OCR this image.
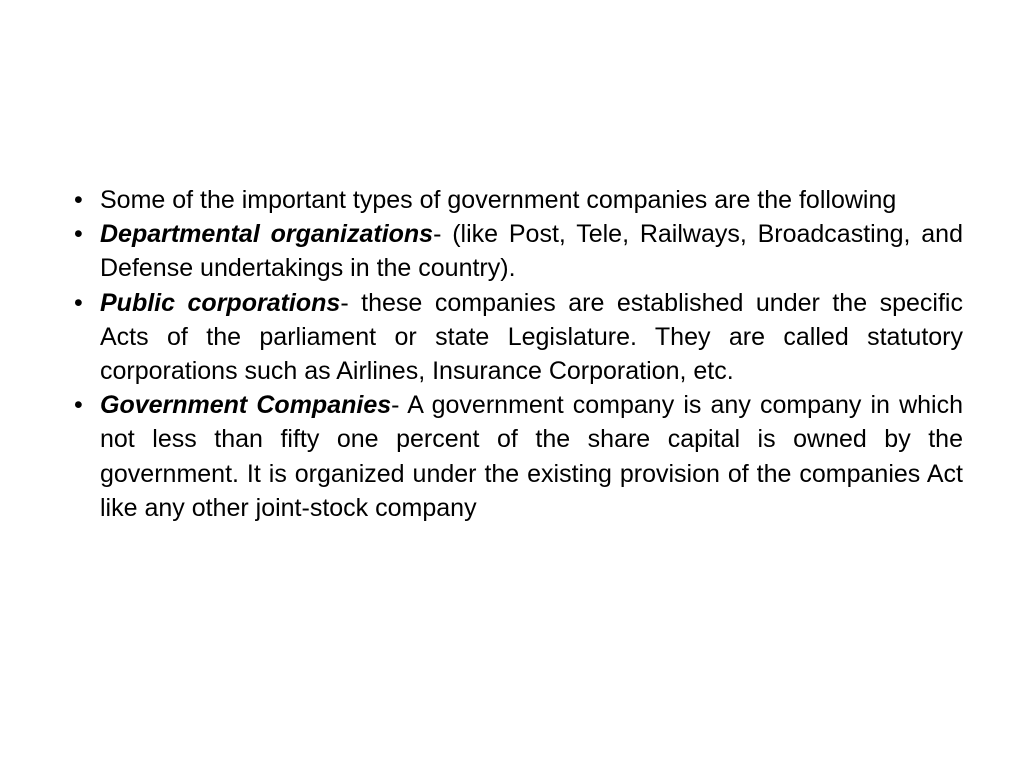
• Some of the important types of government companies are the following
• Departmental organizations- (like Post, Tele, Railways, Broadcasting, and Defense undertakings in the country).
• Public corporations- these companies are established under the specific Acts of the parliament or state Legislature. They are called statutory corporations such as Airlines, Insurance Corporation, etc.
• Government Companies- A government company is any company in which not less than fifty one percent of the share capital is owned by the government. It is organized under the existing provision of the companies Act like any other joint-stock company
